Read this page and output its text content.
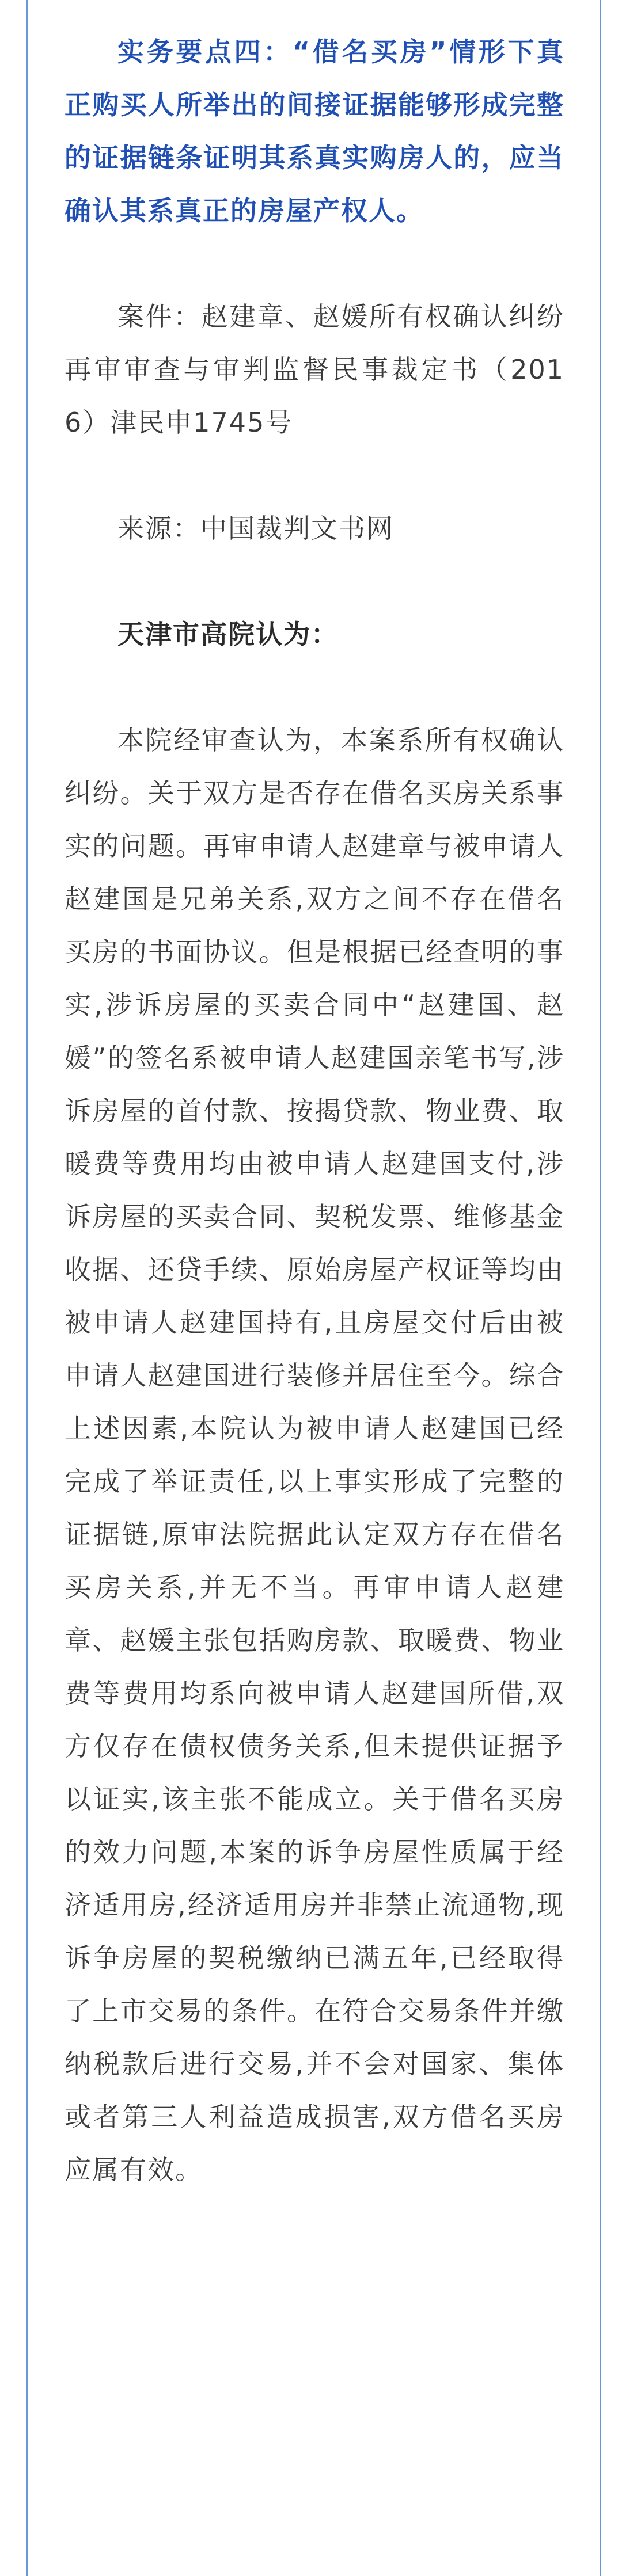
实务要点四：“借名买房”情形下真正购买人所举出的间接证据能够形成完整的证据链条证明其系真实购房人的，应当确认其系真正的房屋产权人。

案件：赵建章、赵媛所有权确认纠纷再审审查与审判监督民事裁定书（2016）津民申1745号

来源：中国裁判文书网

天津市高院认为：

本院经审查认为，本案系所有权确认纠纷。关于双方是否存在借名买房关系事实的问题。再审申请人赵建章与被申请人赵建国是兄弟关系,双方之间不存在借名买房的书面协议。但是根据已经查明的事实,涉诉房屋的买卖合同中“赵建国、赵媛”的签名系被申请人赵建国亲笔书写,涉诉房屋的首付款、按揭贷款、物业费、取暖费等费用均由被申请人赵建国支付,涉诉房屋的买卖合同、契税发票、维修基金收据、还贷手续、原始房屋产权证等均由被申请人赵建国持有,且房屋交付后由被申请人赵建国进行装修并居住至今。综合上述因素,本院认为被申请人赵建国已经完成了举证责任,以上事实形成了完整的证据链,原审法院据此认定双方存在借名买房关系,并无不当。再审申请人赵建章、赵媛主张包括购房款、取暖费、物业费等费用均系向被申请人赵建国所借,双方仅存在债权债务关系,但未提供证据予以证实,该主张不能成立。关于借名买房的效力问题,本案的诉争房屋性质属于经济适用房,经济适用房并非禁止流通物,现诉争房屋的契税缴纳已满五年,已经取得了上市交易的条件。在符合交易条件并缴纳税款后进行交易,并不会对国家、集体或者第三人利益造成损害,双方借名买房应属有效。
